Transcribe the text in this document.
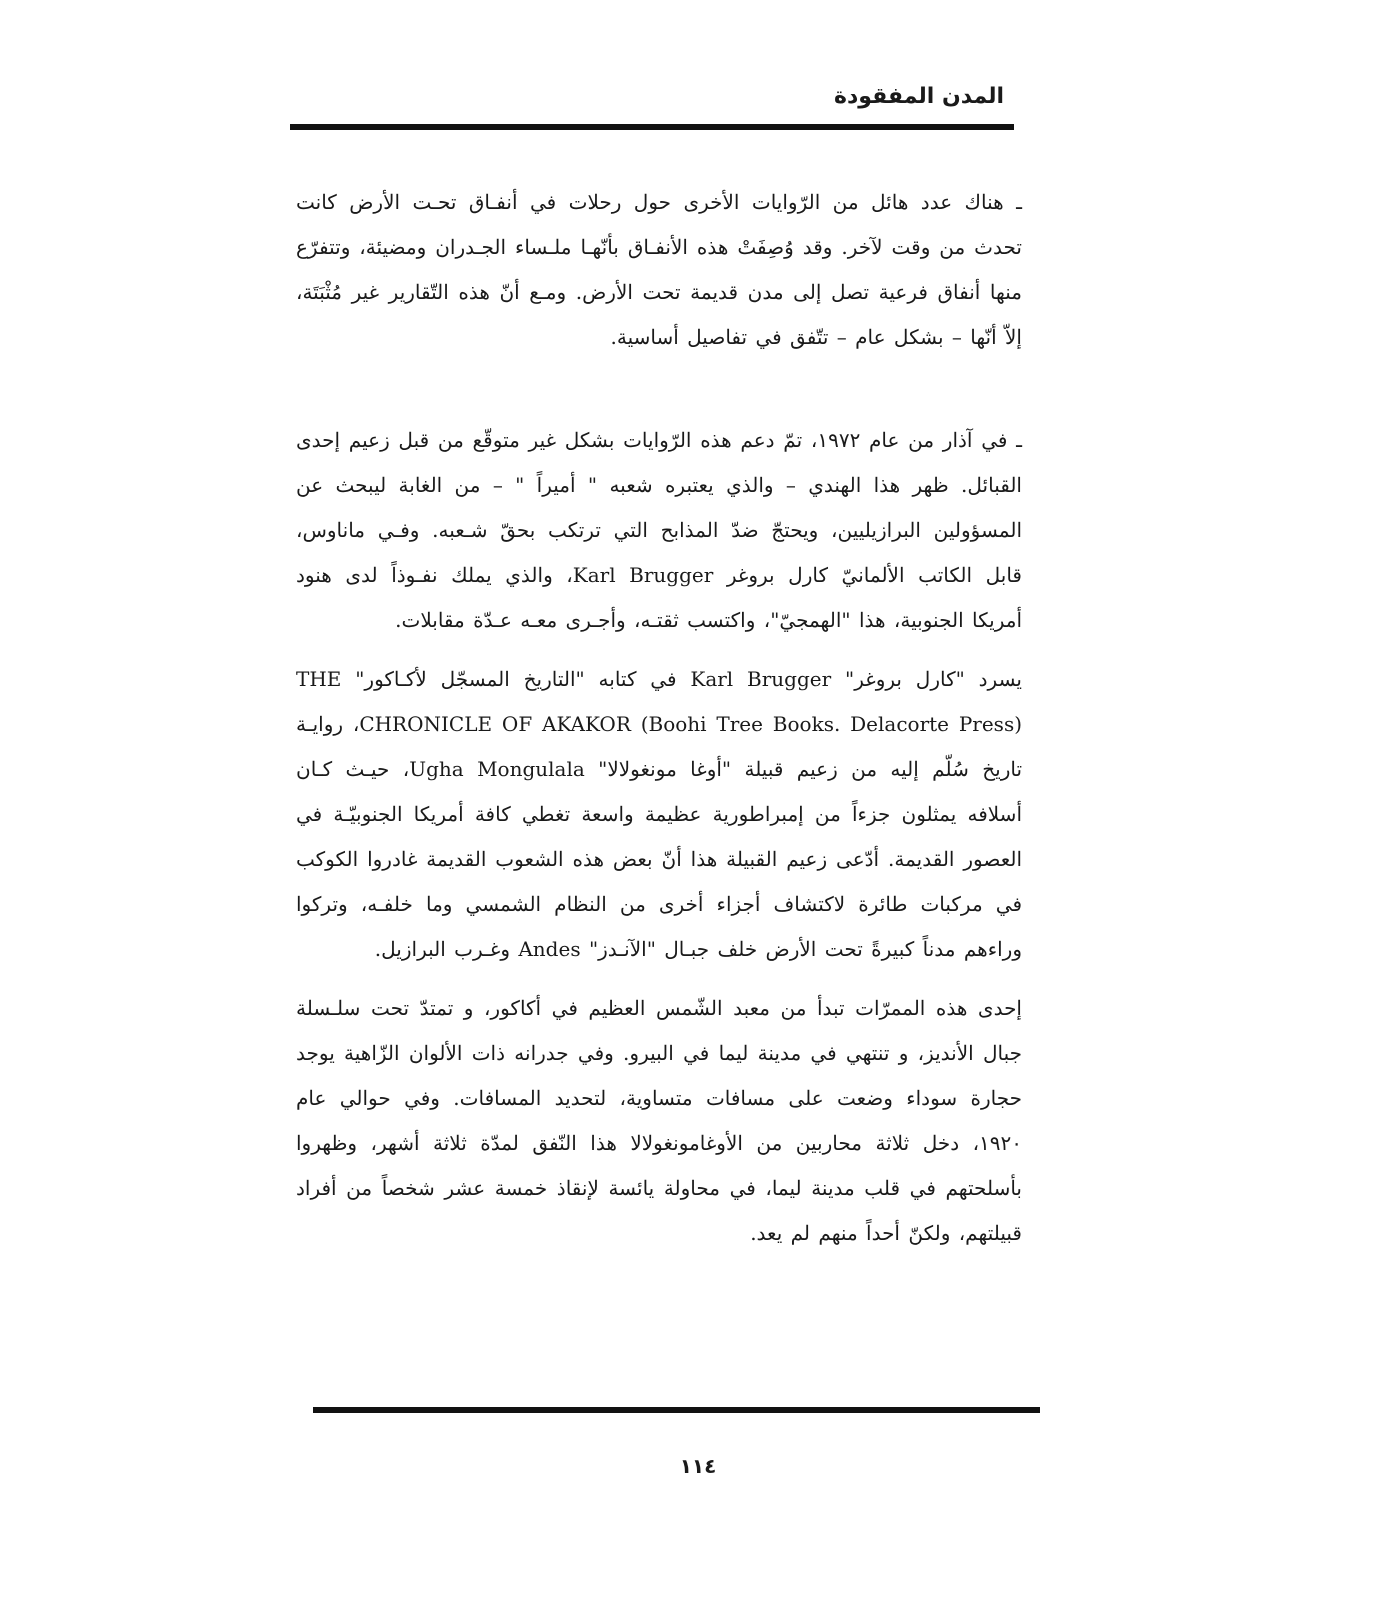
المدن المفقودة

ـ هناك عدد هائل من الرّوايات الأخرى حول رحلات في أنفـاق تحـت الأرض كانت تحدث من وقت لآخر. وقد وُصِفَتْ هذه الأنفـاق بأنّهـا ملـساء الجـدران ومضيئة، وتتفرّع منها أنفاق فرعية تصل إلى مدن قديمة تحت الأرض. ومـع أنّ هذه التّقارير غير مُثْبَتَة، إلاّ أنّها – بشكل عام – تتّفق في تفاصيل أساسية.

ـ في آذار من عام ١٩٧٢، تمّ دعم هذه الرّوايات بشكل غير متوقّع من قبل زعيم إحدى القبائل. ظهر هذا الهندي – والذي يعتبره شعبه " أميراً " – من الغابة ليبحث عن المسؤولين البرازيليين، ويحتجّ ضدّ المذابح التي ترتكب بحقّ شـعبه. وفـي ماناوس، قابل الكاتب الألمانيّ كارل بروغر Karl Brugger، والذي يملك نفـوذاً لدى هنود أمريكا الجنوبية، هذا "الهمجيّ"، واكتسب ثقتـه، وأجـرى معـه عـدّة مقابلات.

يسرد "كارل بروغر" Karl Brugger في كتابه "التاريخ المسجّل لأكـاكور" THE CHRONICLE OF AKAKOR (Boohi Tree Books. Delacorte Press)، روايـة تاريخ سُلّم إليه من زعيم قبيلة "أوغا مونغولالا" Ugha Mongulala، حيـث كـان أسلافه يمثلون جزءاً من إمبراطورية عظيمة واسعة تغطي كافة أمريكا الجنوبيّـة في العصور القديمة. أدّعى زعيم القبيلة هذا أنّ بعض هذه الشعوب القديمة غادروا الكوكب في مركبات طائرة لاكتشاف أجزاء أخرى من النظام الشمسي وما خلفـه، وتركوا وراءهم مدناً كبيرةً تحت الأرض خلف جبـال "الآنـدز" Andes وغـرب البرازيل.

إحدى هذه الممرّات تبدأ من معبد الشّمس العظيم في أكاكور، و تمتدّ تحت سلـسلة جبال الأنديز، و تنتهي في مدينة ليما في البيرو. وفي جدرانه ذات الألوان الزّاهية يوجد حجارة سوداء وضعت على مسافات متساوية، لتحديد المسافات. وفي حوالي عام ١٩٢٠، دخل ثلاثة محاربين من الأوغامونغولالا هذا النّفق لمدّة ثلاثة أشهر، وظهروا بأسلحتهم في قلب مدينة ليما، في محاولة يائسة لإنقاذ خمسة عشر شخصاً من أفراد قبيلتهم، ولكنّ أحداً منهم لم يعد.

١١٤
